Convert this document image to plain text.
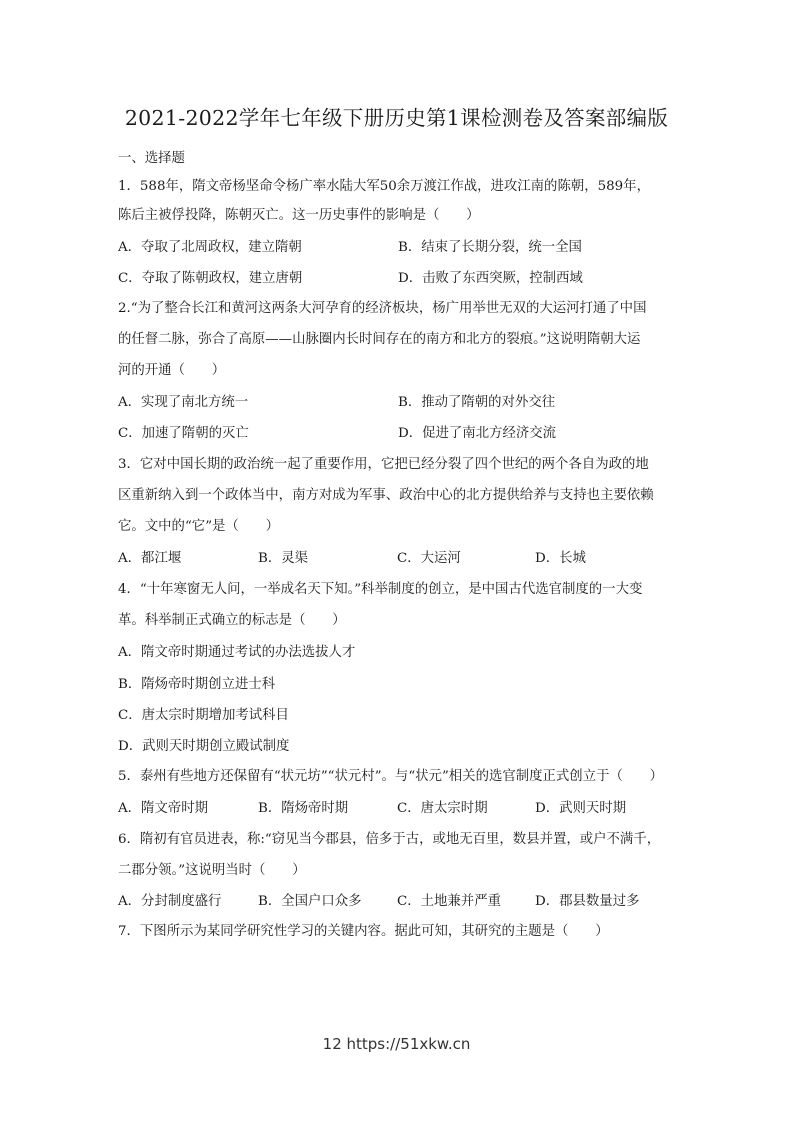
2021-2022学年七年级下册历史第1课检测卷及答案部编版
一、选择题
1．588年，隋文帝杨坚命令杨广率水陆大军50余万渡江作战，进攻江南的陈朝，589年，
陈后主被俘投降，陈朝灭亡。这一历史事件的影响是（　　）
A．夺取了北周政权，建立隋朝	B．结束了长期分裂，统一全国
C．夺取了陈朝政权，建立唐朝	D．击败了东西突厥，控制西域
2.“为了整合长江和黄河这两条大河孕育的经济板块，杨广用举世无双的大运河打通了中国
的任督二脉，弥合了高原——山脉圈内长时间存在的南方和北方的裂痕。”这说明隋朝大运
河的开通（　　）
A．实现了南北方统一	B．推动了隋朝的对外交往
C．加速了隋朝的灭亡	D．促进了南北方经济交流
3．它对中国长期的政治统一起了重要作用，它把已经分裂了四个世纪的两个各自为政的地
区重新纳入到一个政体当中，南方对成为军事、政治中心的北方提供给养与支持也主要依赖
它。文中的“它”是（　　）
A．都江堰	B．灵渠	C．大运河	D．长城
4．“十年寒窗无人问，一举成名天下知。”科举制度的创立，是中国古代选官制度的一大变
革。科举制正式确立的标志是（　　）
A．隋文帝时期通过考试的办法选拔人才
B．隋炀帝时期创立进士科
C．唐太宗时期增加考试科目
D．武则天时期创立殿试制度
5．泰州有些地方还保留有“状元坊”“状元村”。与“状元”相关的选官制度正式创立于（　　）
A．隋文帝时期	B．隋炀帝时期	C．唐太宗时期	D．武则天时期
6．隋初有官员进表，称:“窃见当今郡县，倍多于古，或地无百里，数县并置，或户不满千，
二郡分领。”这说明当时（　　）
A．分封制度盛行	B．全国户口众多	C．土地兼并严重	D．郡县数量过多
7．下图所示为某同学研究性学习的关键内容。据此可知，其研究的主题是（　　）
12 https://51xkw.cn
